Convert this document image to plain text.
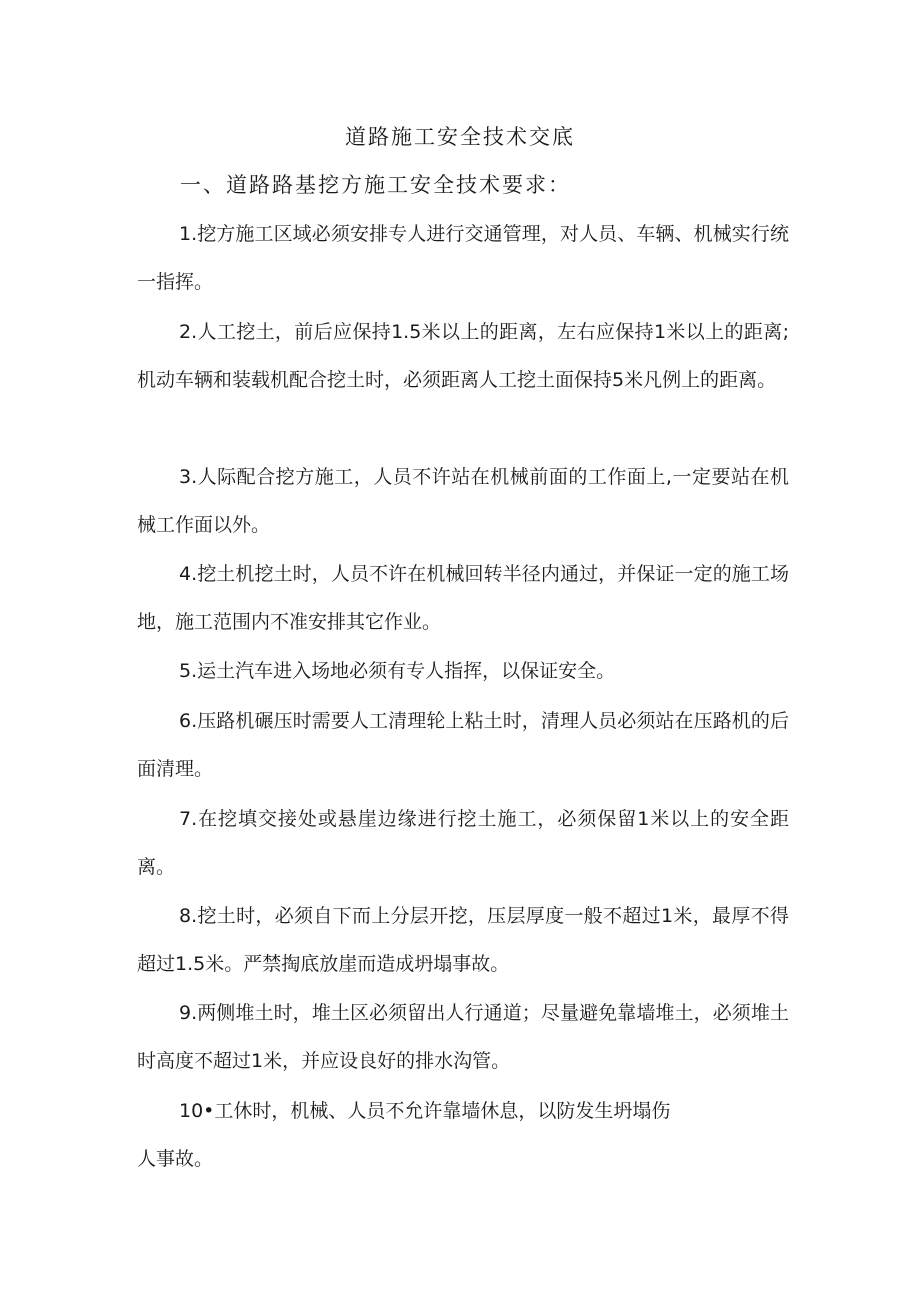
道路施工安全技术交底
一、道路路基挖方施工安全技术要求：

1.挖方施工区域必须安排专人进行交通管理，对人员、车辆、机械实行统一指挥。

2.人工挖土，前后应保持1.5米以上的距离，左右应保持1米以上的距离;机动车辆和装载机配合挖土时，必须距离人工挖土面保持5米凡例上的距离。

3.人际配合挖方施工，人员不许站在机械前面的工作面上,一定要站在机械工作面以外。

4.挖土机挖土时，人员不许在机械回转半径内通过，并保证一定的施工场地，施工范围内不准安排其它作业。

5.运土汽车进入场地必须有专人指挥，以保证安全。

6.压路机碾压时需要人工清理轮上粘土时，清理人员必须站在压路机的后面清理。

7.在挖填交接处或悬崖边缘进行挖土施工，必须保留1米以上的安全距离。

8.挖土时，必须自下而上分层开挖，压层厚度一般不超过1米，最厚不得超过1.5米。严禁掏底放崖而造成坍塌事故。

9.两侧堆土时，堆土区必须留出人行通道；尽量避免靠墙堆土，必须堆土时高度不超过1米，并应设良好的排水沟管。

10•工休时，机械、人员不允许靠墙休息，以防发生坍塌伤

人事故。
